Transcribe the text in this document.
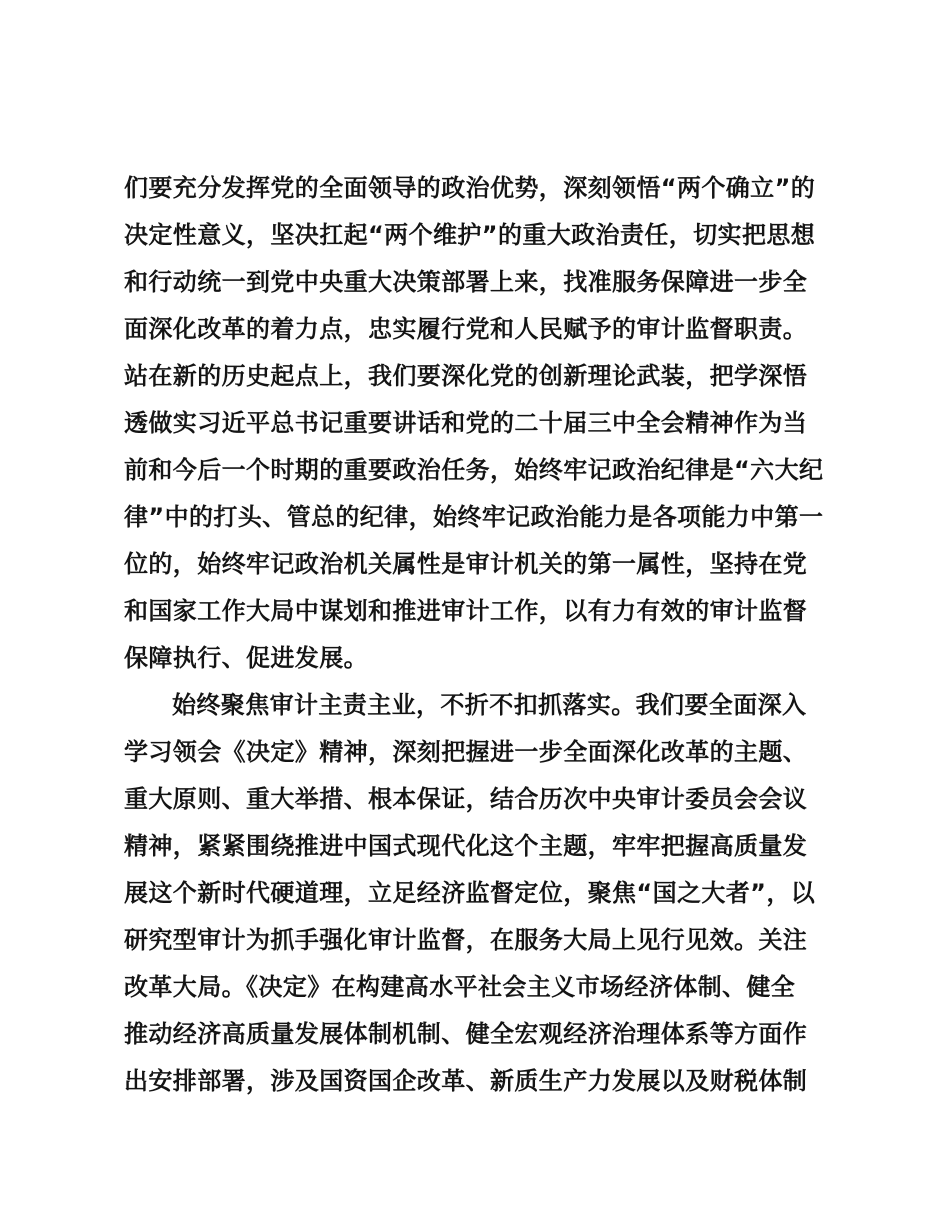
们要充分发挥党的全面领导的政治优势，深刻领悟“两个确立”的
决定性意义，坚决扛起“两个维护”的重大政治责任，切实把思想
和行动统一到党中央重大决策部署上来，找准服务保障进一步全
面深化改革的着力点，忠实履行党和人民赋予的审计监督职责。
站在新的历史起点上，我们要深化党的创新理论武装，把学深悟
透做实习近平总书记重要讲话和党的二十届三中全会精神作为当
前和今后一个时期的重要政治任务，始终牢记政治纪律是“六大纪
律”中的打头、管总的纪律，始终牢记政治能力是各项能力中第一
位的，始终牢记政治机关属性是审计机关的第一属性，坚持在党
和国家工作大局中谋划和推进审计工作，以有力有效的审计监督
保障执行、促进发展。
始终聚焦审计主责主业，不折不扣抓落实。我们要全面深入
学习领会《决定》精神，深刻把握进一步全面深化改革的主题、
重大原则、重大举措、根本保证，结合历次中央审计委员会会议
精神，紧紧围绕推进中国式现代化这个主题，牢牢把握高质量发
展这个新时代硬道理，立足经济监督定位，聚焦“国之大者”，以
研究型审计为抓手强化审计监督，在服务大局上见行见效。关注
改革大局。《决定》在构建高水平社会主义市场经济体制、健全
推动经济高质量发展体制机制、健全宏观经济治理体系等方面作
出安排部署，涉及国资国企改革、新质生产力发展以及财税体制
